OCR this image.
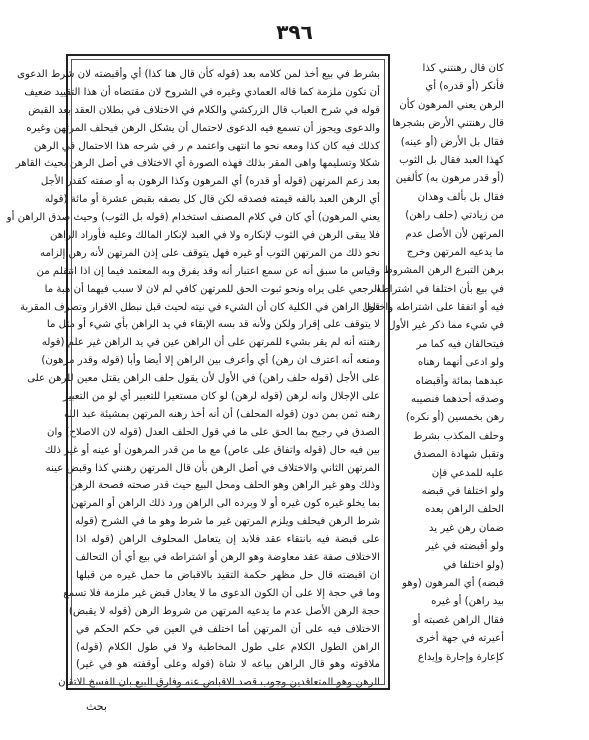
٣٩٦
بشرط في بيع أخذ لمن كلامه بعد (قوله كأن قال هنا كذا) أي وأقبضته لان شرط الدعوى
أن تكون ملزمة كما قاله العمادي وغيره في الشروح لان مقتضاه أن هذا التقييد ضعيف
قوله في شرح العباب قال الزركشي والكلام في الاختلاف في بطلان العقد بعد القبض
والدعوى ويجوز أن تسمع فيه الدعوى لاحتمال أن يشكل الرهن فيحلف المرتهن وغيره
كذلك فيه كان كذا ومعه نحو ما انتهى واعتمد م ر في شرحه هذا الاحتمال في الرهن
شكلا وتسليمها واهى المقر بذلك فهذه الصورة أي الاختلاف في أصل الرهن بحيث القاهر
بعد زعم المرتهن (قوله أو قدره) أي المرهون وكذا الرهون به أو صفته كقدر الأجل
أي الرهن العبد بالفه قيمته فصدقه لكن قال كل بصفه بقبض عشرة أو مائة (قوله
يعني المرهون) أي كان في كلام المصنف استخدام (قوله بل الثوب) وحيث صدق الراهن أو
فلا يبقى الرهن في الثوب لإنكاره ولا في العبد لإنكار المالك وعليه فأوراد الراهن
نحو ذلك من المرتهن الثوب أو غيره فهل يتوقف على إذن المرتهن لأنه رهن إلزامه
وقياس ما سبق أنه عن سمع اعتبار أنه وقد يفرق وبه المعتمد فيما إن اذا انتقلم من
الرجعي على يراه ونحو ثبوت الحق للمرتهن كافي لم لان لا سبب فيهما أن هبة ما
قول الراهن في الكلية كان أن الشيء في نيته لحيث قبل نبطل الاقرار وتصرف المقربة
لا يتوقف على إقرار ولكن ولأنه قد بسه الإبقاء في يد الراهن بأي شيء أو مثل ما
رهنته أنه لم يقر بشيء للمرتهن على أن الراهن عين في يد الراهن غير علم (قوله
ومنعه أنه اعترف ان رهن) أي وأعرف بين الراهن إلا أيضا وأبا (قوله وقدر مرهون)
على الأجل (قوله حلف راهن) في الأول لأن يقول حلف الراهن يقتل معين للرهن على
على الإجلال وانه لرهن (قوله لرهن) لو كان مستعيرا للتعبير أي لو من التعبير
رهنه ثمن بمن دون (قوله المحلف) أن أنه أخذ رهنه المرتهن بمشيئة عبد الله
الصدق في رجيح بما الحق على ما في قول الحلف العدل (قوله لان الاصلاح) وان
بين فيه حال (قوله واتفاق على عاص) مع ما من قدر المرهون أو عينه أو غير ذلك
المرتهن الثاني والاختلاف في أصل الرهن بأن قال المرتهن رهنني كذا وقبض عينه
وذلك وهو غير الراهن وهو الحلف ومحل البيع حيث قدر صحته فصحة الرهن
بما يخلو غيره كون غيره أو لا وبرده الى الراهن ورد ذلك الراهن أو المرتهن
شرط الرهن فيحلف ويلزم المرتهن غير ما شرط وهو ما في الشرح (قوله
على قبضة فيه بانتقاء عقد فلابد إن يتعامل المحلوف الراهن (قوله اذا
الاختلاف صفة عقد معاوضة وهو الرهن أو اشتراطه في بيع أي أن التحالف
ان اقبضته قال حل مظهر حكمة التقيد بالاقباض ما حمل غيره من قبلها
وما في حجة إلا على أن الكون الدعوى ما لا يعادل قبض غير ملزمة فلا تسمع
حجة الرهن الأصل عدم ما يدعيه المرتهن من شروط الرهن (قوله لا يقبض)
الاختلاف فيه على أن المرتهن أما اختلف في العين في حكم الحكم في
الراهن الطول الكلام على طول المخاطبة ولا في طول الكلام (قوله)
ملاقوته وهو قال الراهن بياعه لا شاة (قوله وعلى أوقفته هو في غير)
الرهن وهو المتعاقدين وجوب قصد الاقباض عنه وفارق البيع بان الفسخ الاتقان
كان قال رهنتني كذا
فأنكر (أو قدره) أي
الرهن يعني المرهون كأن
قال رهنتني الأرض بشجرها
فقال بل الأرض (أو عينه)
كهذا العبد فقال بل الثوب
(أو قدر مرهون به) كألفين
فقال بل بألف وهذان
من زيادتي (حلف راهن)
المرتهن لأن الأصل عدم
ما يدعيه المرتهن وخرج
برهن التبرع الرهن المشروط
في بيع بأن اختلفا في اشتراطه
فيه أو اتفقا على اشتراطه واختلفا
في شيء مما ذكر غير الأول
فيتحالفان فيه كما مر
ولو ادعى أنهما رهناه
عبدهما بمائة وأقبضاه
وصدقه أحدهما فنصيبه
رهن بخمسين (أو نكره)
وحلف المكذب بشرط
وتقبل شهادة المصدق
عليه للمدعي فإن
ولو اختلفا في قبضه
الحلف الراهن بعده
ضمان رهن غير يد
ولو أقبضته في غير
(ولو اختلفا في
قبضه) أي المرهون (وهو
بيد راهن) أو غيره
فقال الراهن غصبته أو
أعيرته في جهة أخرى
كإعارة وإجارة وإيداع
بحث
